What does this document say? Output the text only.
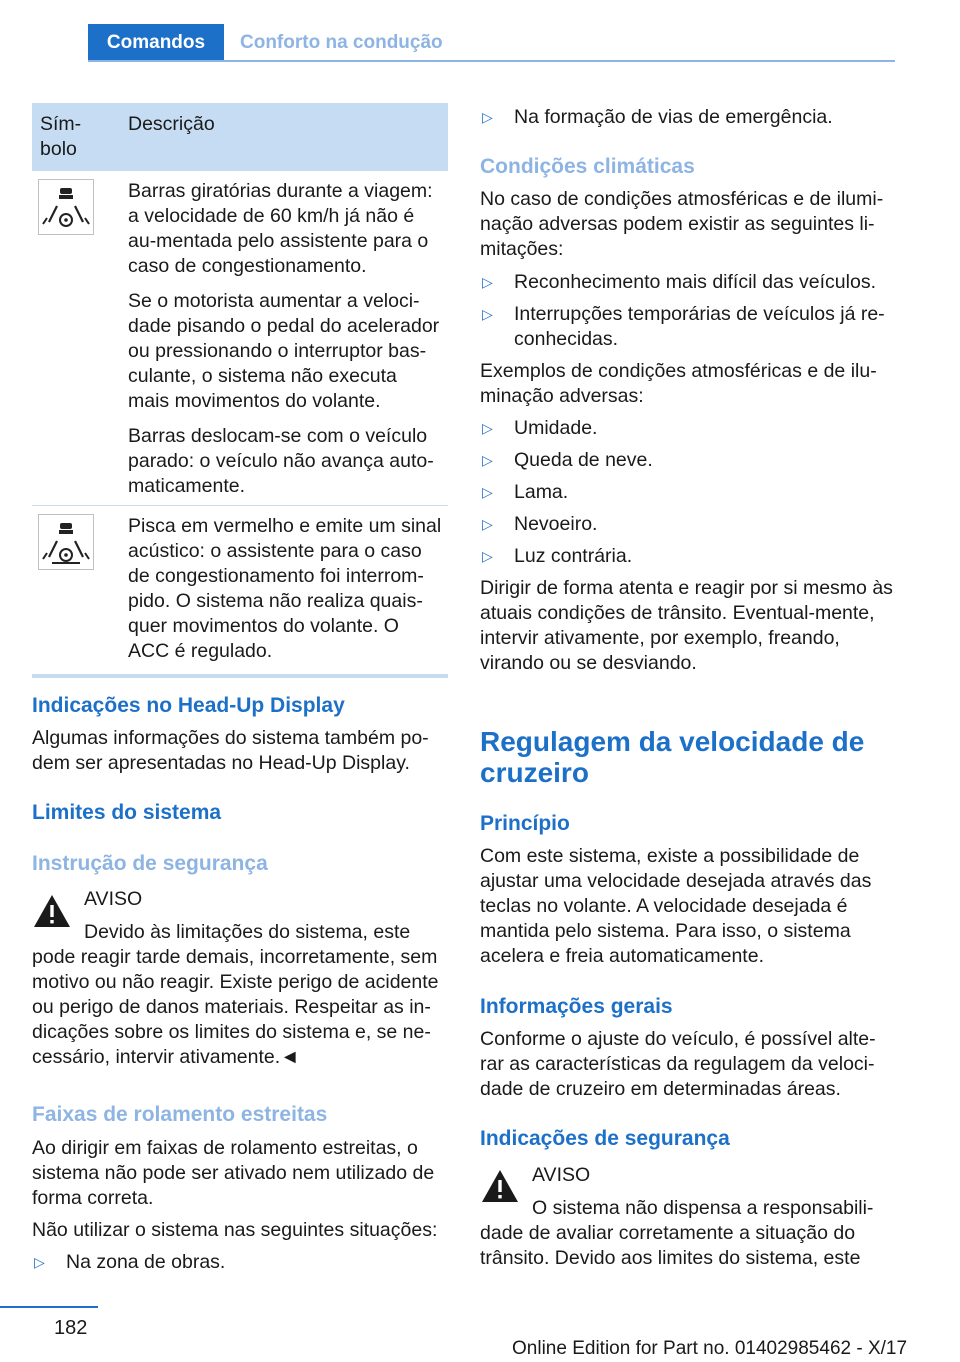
Comandos	Conforto na condução
Sím-
bolo	Descrição

Barras giratórias durante a viagem: a velocidade de 60 km/h já não é au-mentada pelo assistente para o caso de congestionamento.

Se o motorista aumentar a veloci-dade pisando o pedal do acelerador ou pressionando o interruptor bas-culante, o sistema não executa mais movimentos do volante.

Barras deslocam-se com o veículo parado: o veículo não avança auto-maticamente.

	Pisca em vermelho e emite um sinal acústico: o assistente para o caso de congestionamento foi interrom-pido. O sistema não realiza quais-quer movimentos do volante. O ACC é regulado.
Indicações no Head-Up Display
Algumas informações do sistema também po-dem ser apresentadas no Head-Up Display.
Limites do sistema
Instrução de segurança
AVISO
Devido às limitações do sistema, este
pode reagir tarde demais, incorretamente, sem motivo ou não reagir. Existe perigo de acidente ou perigo de danos materiais. Respeitar as in-dicações sobre os limites do sistema e, se ne-cessário, intervir ativamente.◄
Faixas de rolamento estreitas
Ao dirigir em faixas de rolamento estreitas, o sistema não pode ser ativado nem utilizado de forma correta.
Não utilizar o sistema nas seguintes situações:
▷	Na zona de obras.
▷	Na formação de vias de emergência.
Condições climáticas
No caso de condições atmosféricas e de ilumi-nação adversas podem existir as seguintes li-mitações:
▷	Reconhecimento mais difícil das veículos.
▷	Interrupções temporárias de veículos já re-conhecidas.
Exemplos de condições atmosféricas e de ilu-minação adversas:
▷	Umidade.
▷	Queda de neve.
▷	Lama.
▷	Nevoeiro.
▷	Luz contrária.
Dirigir de forma atenta e reagir por si mesmo às atuais condições de trânsito. Eventual-mente, intervir ativamente, por exemplo, freando, virando ou se desviando.
Regulagem da velocidade de cruzeiro
Princípio
Com este sistema, existe a possibilidade de ajustar uma velocidade desejada através das teclas no volante. A velocidade desejada é mantida pelo sistema. Para isso, o sistema acelera e freia automaticamente.
Informações gerais
Conforme o ajuste do veículo, é possível alte-rar as características da regulagem da veloci-dade de cruzeiro em determinadas áreas.
Indicações de segurança
AVISO
O sistema não dispensa a responsabili-
dade de avaliar corretamente a situação do trânsito. Devido aos limites do sistema, este
182
Online Edition for Part no. 01402985462 - X/17
